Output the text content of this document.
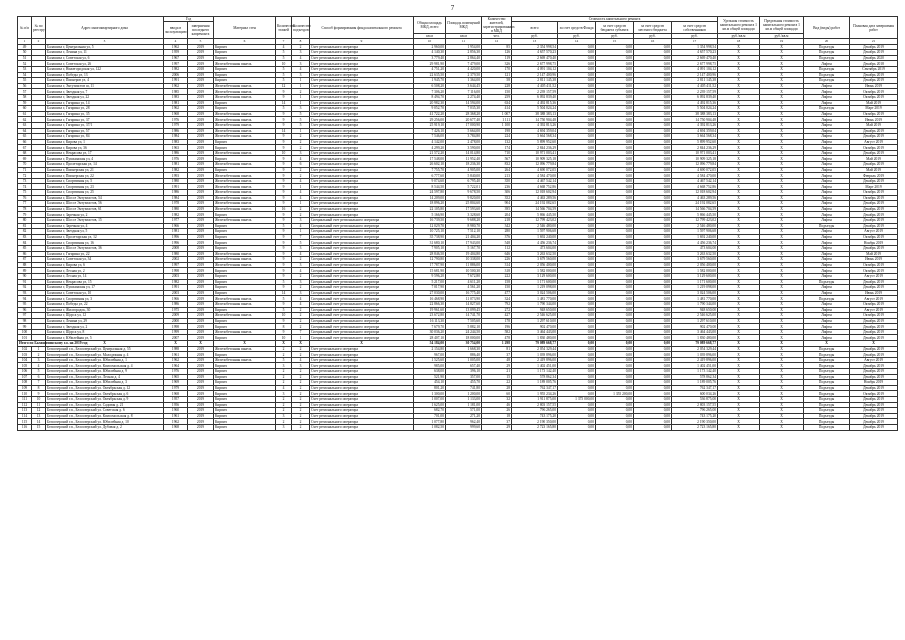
7
№ п/п	№ по реестру	Адрес многоквартирного дома	Год		Материал стен	Количество этажей	Количество подъездов	Способ формирования фонда капитального ремонта	Общая площадь МКД, всего	Площадь помещений МКД	Количество жителей, зарегистрированных в МКД	Стоимость капитального ремонта					Удельная стоимость капитального ремонта 1 кв.м общей площади	Предельная стоимость капитального ремонта 1 кв.м общей площади	Вид (виды) работ	Плановая дата завершения работ
			ввода в эксплуатацию	завершения последнего капремонта								всего	за счет средств Фонда	за счет средств бюджета субъекта	за счет средств местного бюджета	за счет средств собственников				
									кв.м	кв.м	чел.	руб.	руб.	руб.	руб.	руб.	руб./кв.м	руб./кв.м		
1	2	3	4	5	6	7	8	9	10	11	12	13	14	15	16	17	18	19	20	21
49		Балашиха г, Центральная ул, 5	1962	2019	Кирпич	4	2	Счет регионального оператора	2 960,00	1 954,00	85	2 354 998,54	0,00	0,00	0,00	1 354 998,54	X	X	Подъезды	Декабрь 2019
50		Балашиха г, Ленина ул, 11	1959	2019	Кирпич	5	3	Счет регионального оператора	4 140,30	2 856,30	126	4 657 570,23	0,00	0,00	0,00	4 657 570,23	X	X	Подъезды	Декабрь 2019
51		Балашиха г, Советская ул, 6	1967	2019	Кирпич	5	4	Счет регионального оператора	3 779,40	2 864,40	119	2 669 470,40	0,00	0,00	0,00	2 669 470,40	X	X	Подъезды	Декабрь 2020
52		Балашиха г, Советская ул, 26	1997	2019	Железобетонная панель	10	3	Счет регионального оператора	29 981,90	7 479,00	326	2 677 998,75	0,00	0,00	0,00	2 677 998,75	X	X	Лифты	Декабрь 2018
53		Балашиха г, Нижегородская ул, 122	1982	2018	Кирпич	5	4	Счет регионального оператора	4 751,20	4 420,00	170	4 091 104,12	0,00	0,00	0,00	4 091 104,12	X	X	Подъезды	Сентябрь 2019
54		Балашиха г, Победы ул, 13	2006	2019	Кирпич	5	3	Счет регионального оператора	22 635,50	2 379,50	121	2 147 400,96	0,00	0,00	0,00	2 147 400,96	X	X	Подъезды	Декабрь 2019
55		Балашиха г, Пионеров ул, 4	1991	2019	Кирпич	5	1	Счет регионального оператора	1 945,70	1 364,00	58	2 811 145,38	0,00	0,00	0,00	2 811 145,38	X	X	Подъезды	Декабрь 2019
56		Балашиха г, Энтузиастов ш, 11	1962	2019	Железобетонная панель	12	1	Счет регионального оператора	6 508,20	3 644,45	228	4 405 411,52	0,00	0,00	0,00	4 405 411,52	X	X	Лифты	Июнь 2019
57		Балашиха г, Звездная ул, 7	1985	2019	Железобетонная панель	9	2	Счет регионального оператора	7 306,20	7 116,00	150	2 239 157,59	0,00	0,00	0,00	2 239 157,59	X	X	Лифты	Октябрь 2019
58		Балашиха г, Звездная ул, 22	1983	2019	Железобетонная панель	9	1	Счет регионального оператора	8 494,70	2 274,40	259	6 092 839,40	0,00	0,00	0,00	6 092 839,40	X	X	Лифты	Октябрь 2019
59		Балашиха г, Гагарина ул, 14	1981	2019	Кирпич	14	1	Счет регионального оператора	20 982,30	14 594,00	634	4 492 815,36	0,00	0,00	0,00	4 492 815,36	X	X	Лифты	Май 2019
60		Балашиха г, Гагарина ул, 28	1962	2019	Кирпич	5	3	Счет регионального оператора	9 052,70	7 035,30	414	5 504 024,24	0,00	0,00	0,00	5 504 024,24	X	X	Подъезды	Март 2019
61		Балашиха г, Гагарина ул, 35	1968	2019	Железобетонная панель	9	5	Счет регионального оператора	41 722,20	28 368,20	1 007	38 388 383,13	0,00	0,00	0,00	38 388 383,13	X	X	Лифты	Октябрь 2019
62		Балашиха г, Гагарина ул, 37	1976	2019	Железобетонная панель	9	5	Счет регионального оператора	29 256,00	20 677,40	1 111	14 750 904,48	0,00	0,00	0,00	14 750 904,48	X	X	Лифты	Июнь 2019
63		Балашиха г, Гагарина ул, 37/1	1979	2019	Железобетонная панель	9	5	Счет регионального оператора	25 919,10	17 000,90	1 100	4 392 813,26	0,00	0,00	0,00	4 392 813,26	X	X	Лифты	Май 2019
64		Балашиха г, Гагарина ул, 57	1986	2019	Железобетонная панель	14	1	Счет регионального оператора	7 426,10	5 664,00	198	4 694 359,04	0,00	0,00	0,00	4 694 359,04	X	X	Лифты	Декабрь 2019
65		Балашиха г, Гагарина ул, 84	1984	2019	Железобетонная панель	9	2	Счет регионального оператора	7 546,00	3 784,80	224	3 664 568,34	0,00	0,00	0,00	3 664 568,34	X	X	Лифты	Декабрь 2019
66		Балашиха г, Кирова ул, 1	1983	2019	Кирпич	9	2	Счет регионального оператора	4 142,00	2 478,00	132	5 899 952,60	0,00	0,00	0,00	5 899 952,60	X	X	Лифты	Август 2019
67		Балашиха г, Кирова ул, 36	1963	2019	Кирпич	9	2	Счет регионального оператора	4 299,20	3 590,00	174	2 844 236,29	0,00	0,00	0,00	2 844 236,29	X	X	Лифты	Октябрь 2019
68		Балашиха г, Некрасова ул, 17	1986	2019	Железобетонная панель	10	3	Счет регионального оператора	21 572,20	14 014,80	710	10 971 003,41	0,00	0,00	0,00	10 971 003,41	X	X	Лифты	Декабрь 2019
69		Балашиха г, Пушкинская ул, 4	1976	2019	Кирпич	9	4	Счет регионального оператора	17 548,00	11 952,40	567	10 909 325,18	0,00	0,00	0,00	10 909 325,18	X	X	Лифты	Май 2019
70		Балашиха г, Пролетарская ул, 14	1981	2019	Железобетонная панель	9	6	Счет регионального оператора	26 602,10	18 236,30	832	12 096 779,84	0,00	0,00	0,00	12 096 779,84	X	X	Лифты	Декабрь 2019
71		Балашиха г, Пионерская ул, 21	1982	2019	Кирпич	9	2	Счет регионального оператора	7 755,70	4 905,00	264	4 690 072,05	0,00	0,00	0,00	4 690 072,05	X	X	Лифты	Май 2019
72		Балашиха г, Пионерская ул, 22	1993	2019	Железобетонная панель	9	2	Счет регионального оператора	6 777,60	5 840,00	213	4 584 470,00	0,00	0,00	0,00	4 584 470,00	X	X	Лифты	Февраль 2019
73		Балашиха г, Спортивная ул, 5	1980	2019	Железобетонная панель	9	4	Счет регионального оператора	9 074,60	6 795,40	350	4 467 542,14	0,00	0,00	0,00	4 467 542,14	X	X	Лифты	Декабрь 2019
74		Балашиха г, Спортивная ул, 23	1991	2019	Железобетонная панель	9	1	Счет регионального оператора	8 544,50	5 722,01	236	4 668 752,86	0,00	0,00	0,00	4 668 752,86	X	X	Лифты	Март 2019
75		Балашиха г, Спортивная ул, 25	1986	2019	Железобетонная панель	9	4	Счет регионального оператора	24 597,80	9 678,50	306	12 018 602,94	0,00	0,00	0,00	12 018 602,94	X	X	Лифты	Октябрь 2019
76		Балашиха г, Шоссе Энтузиастов, 54	1984	2019	Железобетонная панель	9	4	Счет регионального оператора	14 209,00	9 820,00	352	4 463 289,56	0,00	0,00	0,00	4 463 289,56	X	X	Лифты	Октябрь 2019
77		Балашиха г, Шоссе Энтузиастов, 56	1978	2019	Железобетонная панель	9	1	Счет регионального оператора	18 896,20	25 804,60	904	24 192 082,65	0,00	0,00	0,00	24 192 082,65	X	X	Лифты	Декабрь 2019
78		Балашиха г, Шоссе Энтузиастов, 61	1980	2019	Железобетонная панель	16	2	Счет регионального оператора	22 105,80	17 593,60	395	14 566 704,59	0,00	0,00	0,00	14 566 704,59	X	X	Лифты	Декабрь 2019
79		Балашиха г, Заречная ул, 2	1982	2019	Кирпич	9	2	Счет регионального оператора	5 166,90	3 328,60	204	5 866 445,50	0,00	0,00	0,00	5 866 445,50	X	X	Лифты	Декабрь 2019
80		Балашиха г, Шоссе Энтузиастов, 15	1977	2019	Железобетонная панель	9	3	Специальный счет регионального оператора	16 739,50	9 688,20	218	12 799 423,02	0,00	0,00	0,00	12 799 423,02	X	X	Лифты	Декабрь 2019
81		Балашиха г, Заречная ул, 4	1966	2019	Кирпич	5	4	Специальный счет регионального оператора	12 029,70	8 980,70	342	2 546 480,00	0,00	0,00	0,00	2 546 480,00	X	X	Подъезды	Декабрь 2019
82		Балашиха г, Звездная ул, 5	1981	2019	Кирпич	9	1	Специальный счет регионального оператора	10 725,10	7 512,10	280	1 597 906,68	0,00	0,00	0,00	1 597 906,68	X	X	Лифты	Август 2019
83		Балашиха г, Пролетарская ул, 12	1996	2019	Кирпич	9	7	Специальный счет регионального оператора	35 738,90	21 404,20	376	1 692 240,00	0,00	0,00	0,00	1 692 240,00	X	X	Лифты	Октябрь 2019
84		Балашиха г, Спортивная ул, 16	1996	2019	Кирпич	9	5	Специальный счет регионального оператора	31 680,10	17 943,00	548	4 456 236,74	0,00	0,00	0,00	4 456 236,74	X	X	Лифты	Ноябрь 2019
85		Балашиха г, Шоссе Энтузиастов, 36	2008	2019	Кирпич	9	3	Специальный счет регионального оператора	7 905,10	5 167,70	112	473 604,00	0,00	0,00	0,00	473 604,00	X	X	Лифты	Декабрь 2019
86		Балашиха г, Гагарина ул, 22	1980	2019	Железобетонная панель	9	4	Специальный счет регионального оператора	28 846,50	19 404,80	646	3 263 632,50	0,00	0,00	0,00	3 263 632,50	X	X	Лифты	Май 2019
87		Балашиха г, Советская ул, 34	2002	2019	Железобетонная панель	9	2	Специальный счет регионального оператора	12 790,80	10 338,00	226	3 679 560,00	0,00	0,00	0,00	3 679 560,00	X	X	Лифты	Июнь 2019
88		Балашиха г, Кирова ул, 6	1997	2019	Железобетонная панель	9	3	Специальный счет регионального оператора	17 787,90	11 886,00	314	2 056 400,00	0,00	0,00	0,00	2 056 400,00	X	X	Лифты	Октябрь 2019
89		Балашиха г, Лесная ул, 2	1998	2019	Кирпич	9	4	Специальный счет регионального оператора	15 681,90	10 500,30	318	1 582 000,00	0,00	0,00	0,00	1 582 000,00	X	X	Лифты	Октябрь 2019
90		Балашиха г, Лесная ул, 14	2003	2019	Кирпич	9	2	Специальный счет регионального оператора	9 596,20	7 672,80	222	3 129 600,00	0,00	0,00	0,00	3 129 600,00	X	X	Лифты	Август 2019
91		Балашиха г, Некрасова ул, 15	1982	2019	Кирпич	5	3	Специальный счет регионального оператора	5 217,00	4 611,20	158	1 171 600,00	0,00	0,00	0,00	1 171 600,00	X	X	Подъезды	Декабрь 2019
92		Балашиха г, Пушкинская ул, 17	1991	2019	Кирпич	9	2	Специальный счет регионального оператора	7 017,90	4 561,20	150	1 219 098,00	0,00	0,00	0,00	1 219 098,00	X	X	Лифты	Декабрь 2019
93		Балашиха г, Советская ул, 10	2003	2019	Кирпич	14	3	Специальный счет регионального оператора	27 030,00	16 775,40	477	3 024 506,00	0,00	0,00	0,00	3 024 506,00	X	X	Лифты	Июнь 2019
94		Балашиха г, Спортивная ул, 3	1966	2019	Железобетонная панель	5	4	Специальный счет регионального оператора	16 468,90	11 073,90	324	1 481 770,00	0,00	0,00	0,00	1 481 770,00	X	X	Подъезды	Август 2019
95		Балашиха г, Победы ул, 22	1986	2019	Железобетонная панель	9	4	Специальный счет регионального оператора	22 866,30	14 827,60	792	1 790 344,00	0,00	0,00	0,00	1 790 344,00	X	X	Лифты	Октябрь 2019
96		Балашиха г, Жилгородок, 30	1975	2019	Кирпич	5	2	Специальный счет регионального оператора	19 961,60	13 099,45	272	948 650,00	0,00	0,00	0,00	948 650,00	X	X	Лифты	Август 2019
97		Балашиха г, Щорса ул, 12	2009	2019	Железобетонная панель	10	2	Специальный счет регионального оператора	23 672,80	14 741,70	427	2 546 625,00	0,00	0,00	0,00	2 546 625,00	X	X	Лифты	Октябрь 2019
98		Балашиха г, Ленина ул, 29	2000	2019	Кирпич	9	2	Специальный счет регионального оператора	16 113,30	7 505,60	178	1 297 610,00	0,00	0,00	0,00	1 297 610,00	X	X	Лифты	Декабрь 2019
99		Балашиха г, Звездная ул, 2	1998	2019	Кирпич	8	2	Специальный счет регионального оператора	7 679,70	5 882,10	196	902 470,00	0,00	0,00	0,00	902 470,00	X	X	Лифты	Декабрь 2019
100		Балашиха г, Щорса ул, 8	1999	2019	Железобетонная панель	9	7	Специальный счет регионального оператора	30 036,20	24 244,50	582	3 464 443,00	0,00	0,00	0,00	3 464 443,00	X	X	Лифты	Декабрь 2019
101		Балашиха г, Юбилейная ул, 5	2007	2019	Кирпич	10	1	Специальный счет регионального оператора	28 407,10	18 000,00	478	1 830 480,00	0,00	0,00	0,00	1 830 480,00	X	X	Лифты	Декабрь 2019
Итого по Балашихинскому г.о. на 2019 год		X	X	X	X	X	X	X	54 184,00	30 754,00	1 298	79 089 668,77	0,00	0,00	0,00	79 089 668,77	X	X	X	X
102	1	Белоозерский г.п., Белоозерский ул. Центральная д. 55	1988	2019	Железобетонная панель	2	2	Счет регионального оператора	2 154,80	1 668,30	81	2 054 329,44	0,00	0,00	0,00	2 054 329,44	X	X	Подъезды	Декабрь 2019
103	2	Белоозерский г.п., Белоозерский ул. Молодежная д. 4	1961	2019	Кирпич	2	2	Счет регионального оператора	967,00	886,40	37	1 039 896,00	0,00	0,00	0,00	1 039 896,00	X	X	Подъезды	Декабрь 2019
104	3	Белоозерский г.п., Белоозерский ул. Юбилейная д. 1	1962	2019	Железобетонная панель	5	4	Счет регионального оператора	1 525,60	1 005,00	48	2 419 896,00	0,00	0,00	0,00	2 419 896,00	X	X	Подъезды	Август 2019
105	4	Белоозерский г.п., Белоозерский ул. Комсомольская д. 4	1964	2019	Кирпич	3	3	Счет регионального оператора	985,00	657,40	29	1 402 451,00	0,00	0,00	0,00	1 402 451,00	X	X	Подъезды	Декабрь 2019
106	5	Белоозерский г.п., Белоозерский ул. Юбилейная д. 9	1976	2019	Кирпич	2	2	Счет регионального оператора	638,00	396,10	21	1 173 142,40	0,00	0,00	0,00	1 173 142,40	X	X	Подъезды	Декабрь 2019
107	6	Белоозерский г.п., Белоозерский ул. Лесная д. 4	1965	2019	Кирпич	2	2	Счет регионального оператора	521,90	357,00	15	578 862,34	0,00	0,00	0,00	578 862,34	X	X	Подъезды	Декабрь 2019
108	7	Белоозерский г.п., Белоозерский ул. Юбилейная д. 3	1969	2019	Кирпич	2	2	Счет регионального оператора	454,10	455,70	22	1 189 005,76	0,00	0,00	0,00	1 189 005,76	X	X	Подъезды	Ноябрь 2019
109	8	Белоозерский г.п., Белоозерский ул. Октябрьская д. 12	1979	2019	Кирпич	4	2	Счет регионального оператора	801,20	741,80	28	762 347,17	0,00	0,00	0,00	762 347,17	X	X	Подъезды	Декабрь 2019
110	9	Белоозерский г.п., Белоозерский ул. Октябрьская д. 6	1968	2019	Кирпич	3	2	Счет регионального оператора	1 300,00	1 200,00	60	1 955 234,26	0,00	1 355 200,00	0,00	600 034,26	X	X	Подъезды	Октябрь 2019
111	10	Белоозерский г.п., Белоозерский ул. Октябрьская д. 9	1957	2019	Кирпич	2	2	Счет регионального оператора	1 007,00	1 133,00	32	1 911 875,00	1 375 000,00	0,00	0,00	536 875,00	X	X	Подъезды	Декабрь 2019
112	11	Белоозерский г.п., Белоозерский ул. Садовая д. 21	1956	2019	Кирпич	2	2	Счет регионального оператора	1 625,00	1 181,00	46	2 803 157,55	0,00	0,00	0,00	2 803 157,55	X	X	Подъезды	Декабрь 2019
113	12	Белоозерский г.п., Белоозерский ул. Советская д. 6	1960	2019	Кирпич	2	2	Счет регионального оператора	682,70	571,00	26	796 265,00	0,00	0,00	0,00	796 265,00	X	X	Подъезды	Декабрь 2019
114	13	Белоозерский г.п., Белоозерский ул. Комсомольская д. 8	1961	2019	Кирпич	3	2	Счет регионального оператора	701,00	271,20	18	743 175,20	0,00	0,00	0,00	743 175,20	X	X	Подъезды	Декабрь 2019
115	14	Белоозерский г.п., Белоозерский ул. Юбилейная д. 10	1962	2019	Кирпич	2	2	Счет регионального оператора	1 077,80	962,40	37	2 190 350,00	0,00	0,00	0,00	2 190 350,00	X	X	Подъезды	Декабрь 2019
116	15	Белоозерский г.п., Белоозерский ул. Дубовая д. 2	1968	2019	Кирпич	3	2	Счет регионального оператора	1 082,50	999,60	29	2 723 165,80	0,00	0,00	0,00	2 723 165,80	X	X	Подъезды	Декабрь 2019
